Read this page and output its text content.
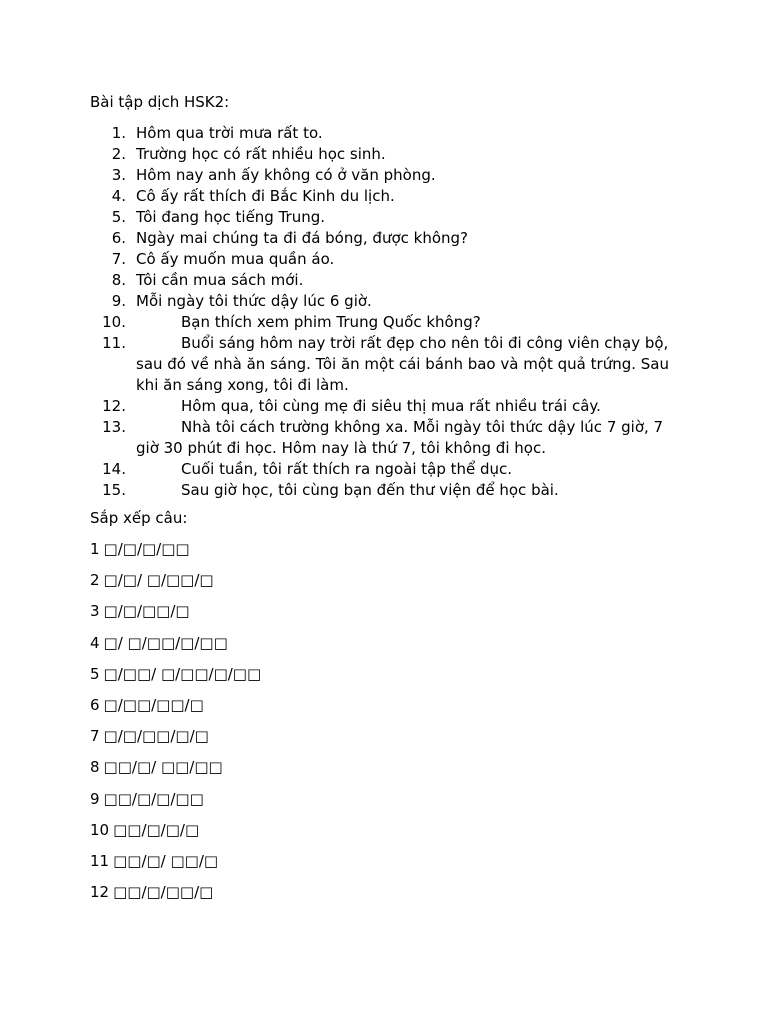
Bài tập dịch HSK2:

1. Hôm qua trời mưa rất to.
2. Trường học có rất nhiều học sinh.
3. Hôm nay anh ấy không có ở văn phòng.
4. Cô ấy rất thích đi Bắc Kinh du lịch.
5. Tôi đang học tiếng Trung.
6. Ngày mai chúng ta đi đá bóng, được không?
7. Cô ấy muốn mua quần áo.
8. Tôi cần mua sách mới.
9. Mỗi ngày tôi thức dậy lúc 6 giờ.
10.	Bạn thích xem phim Trung Quốc không?
11.	Buổi sáng hôm nay trời rất đẹp cho nên tôi đi công viên chạy bộ, sau đó về nhà ăn sáng. Tôi ăn một cái bánh bao và một quả trứng. Sau khi ăn sáng xong, tôi đi làm.
12.	Hôm qua, tôi cùng mẹ đi siêu thị mua rất nhiều trái cây.
13.	Nhà tôi cách trường không xa. Mỗi ngày tôi thức dậy lúc 7 giờ, 7 giờ 30 phút đi học. Hôm nay là thứ 7, tôi không đi học.
14.	Cuối tuần, tôi rất thích ra ngoài tập thể dục.
15.	Sau giờ học, tôi cùng bạn đến thư viện để học bài.

Sắp xếp câu:

1 □/□/□/□□
2 □/□/ □/□□/□
3 □/□/□□/□
4 □/ □/□□/□/□□
5 □/□□/ □/□□/□/□□
6 □/□□/□□/□
7 □/□/□□/□/□
8 □□/□/ □□/□□
9 □□/□/□/□□
10 □□/□/□/□
11 □□/□/ □□/□
12 □□/□/□□/□
